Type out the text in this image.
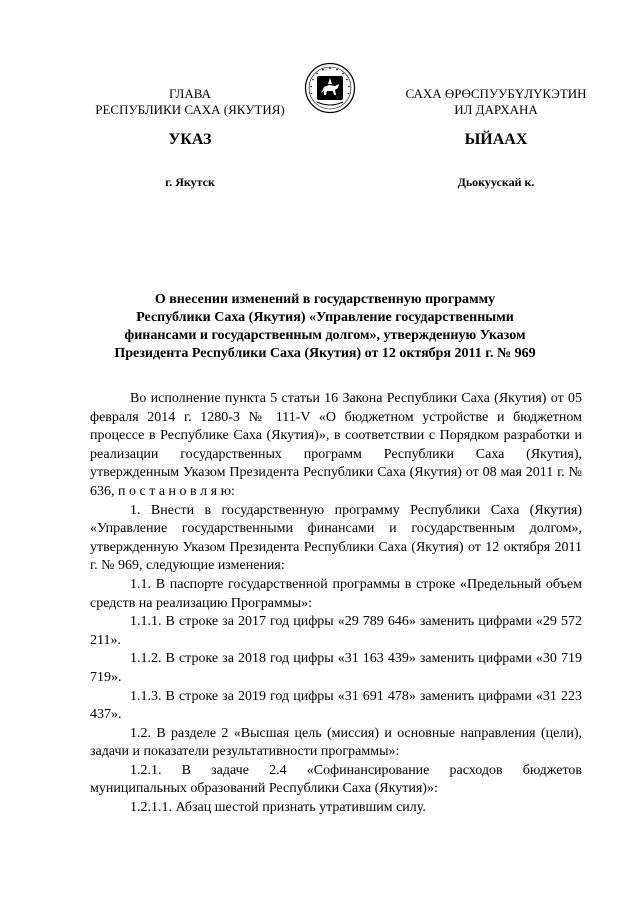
ГЛАВА
РЕСПУБЛИКИ САХА (ЯКУТИЯ)
САХА ӨРӨСПУУБҮЛҮКЭТИН
ИЛ ДАРХАНА
УКАЗ	ЫЙААХ
г. Якутск	Дьокуускай к.
О внесении изменений в государственную программу
Республики Саха (Якутия) «Управление государственными
финансами и государственным долгом», утвержденную Указом
Президента Республики Саха (Якутия) от 12 октября 2011 г. № 969

Во исполнение пункта 5 статьи 16 Закона Республики Саха (Якутия) от 05 февраля 2014 г. 1280-З № 111-V «О бюджетном устройстве и бюджетном процессе в Республике Саха (Якутия)», в соответствии с Порядком разработки и реализации государственных программ Республики Саха (Якутия), утвержденным Указом Президента Республики Саха (Якутия) от 08 мая 2011 г. № 636, п о с т а н о в л я ю:

1. Внести в государственную программу Республики Саха (Якутия) «Управление государственными финансами и государственным долгом», утвержденную Указом Президента Республики Саха (Якутия) от 12 октября 2011 г. № 969, следующие изменения:

1.1. В паспорте государственной программы в строке «Предельный объем средств на реализацию Программы»:

1.1.1. В строке за 2017 год цифры «29 789 646» заменить цифрами «29 572 211».

1.1.2. В строке за 2018 год цифры «31 163 439» заменить цифрами «30 719 719».

1.1.3. В строке за 2019 год цифры «31 691 478» заменить цифрами «31 223 437».

1.2. В разделе 2 «Высшая цель (миссия) и основные направления (цели), задачи и показатели результативности программы»:

1.2.1. В задаче 2.4 «Софинансирование расходов бюджетов муниципальных образований Республики Саха (Якутия)»:

1.2.1.1. Абзац шестой признать утратившим силу.
